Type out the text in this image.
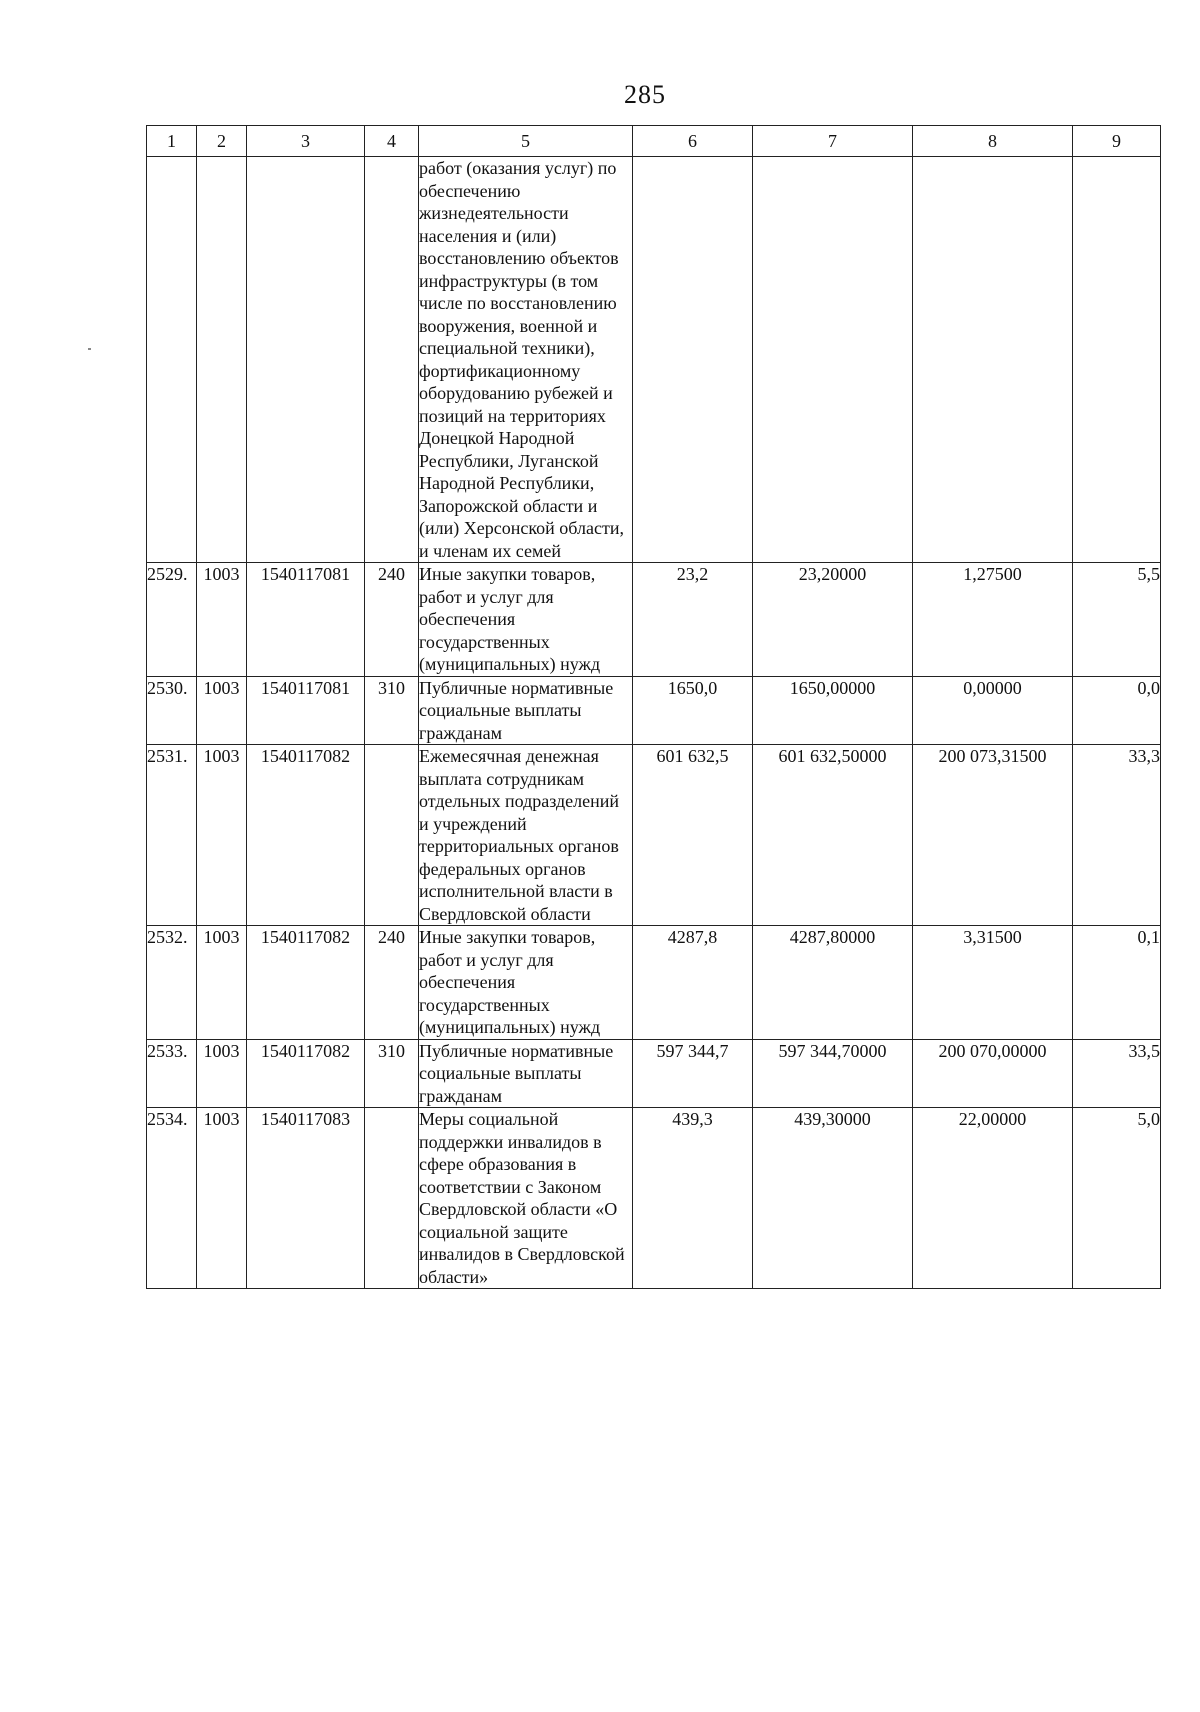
285
1	2	3	4	5	6	7	8	9
				работ (оказания услуг) по обеспечению жизнедеятельности населения и (или) восстановлению объектов инфраструктуры (в том числе по восстановлению вооружения, военной и специальной техники), фортификационному оборудованию рубежей и позиций на территориях Донецкой Народной Республики, Луганской Народной Республики, Запорожской области и (или) Херсонской области, и членам их семей				
2529.	1003	1540117081	240	Иные закупки товаров, работ и услуг для обеспечения государственных (муниципальных) нужд	23,2	23,20000	1,27500	5,5
2530.	1003	1540117081	310	Публичные нормативные социальные выплаты гражданам	1650,0	1650,00000	0,00000	0,0
2531.	1003	1540117082		Ежемесячная денежная выплата сотрудникам отдельных подразделений и учреждений территориальных органов федеральных органов исполнительной власти в Свердловской области	601 632,5	601 632,50000	200 073,31500	33,3
2532.	1003	1540117082	240	Иные закупки товаров, работ и услуг для обеспечения государственных (муниципальных) нужд	4287,8	4287,80000	3,31500	0,1
2533.	1003	1540117082	310	Публичные нормативные социальные выплаты гражданам	597 344,7	597 344,70000	200 070,00000	33,5
2534.	1003	1540117083		Меры социальной поддержки инвалидов в сфере образования в соответствии с Законом Свердловской области «О социальной защите инвалидов в Свердловской области»	439,3	439,30000	22,00000	5,0
